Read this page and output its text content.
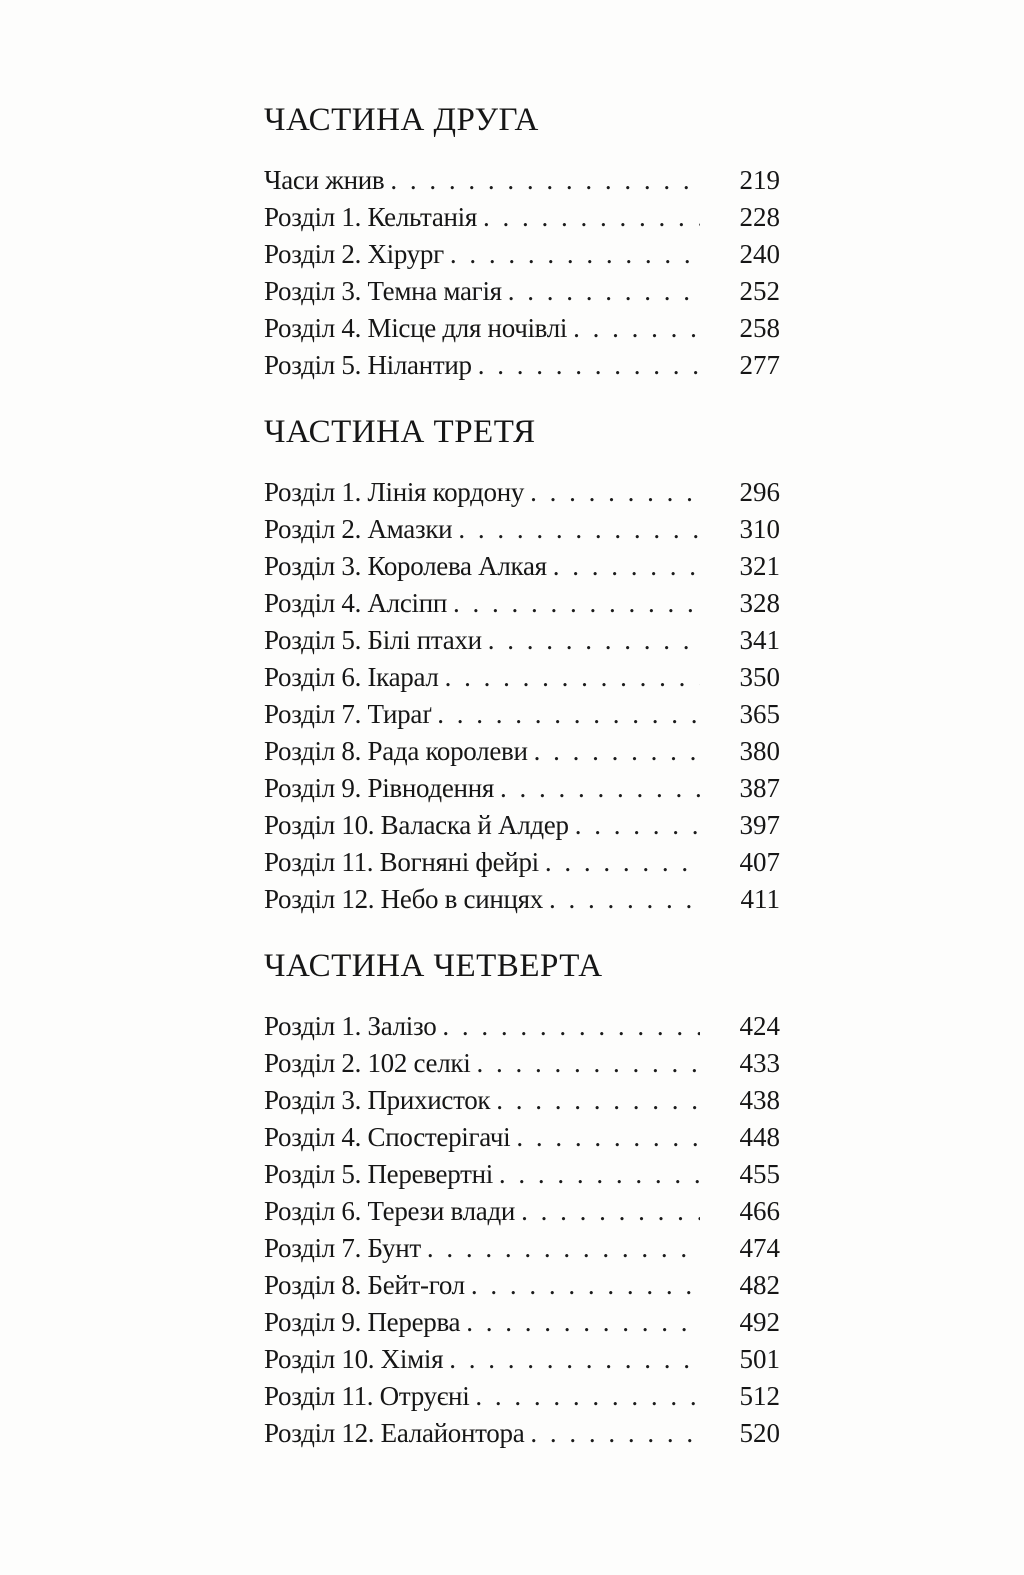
ЧАСТИНА ДРУГА
Часи жнив . . .	219
Розділ 1. Кельтанія . . .	228
Розділ 2. Хірург . . .	240
Розділ 3. Темна магія . . .	252
Розділ 4. Місце для ночівлі . . .	258
Розділ 5. Нілантир . . .	277
ЧАСТИНА ТРЕТЯ
Розділ 1. Лінія кордону . . .	296
Розділ 2. Амазки . . .	310
Розділ 3. Королева Алкая . . .	321
Розділ 4. Алсіпп . . .	328
Розділ 5. Білі птахи . . .	341
Розділ 6. Ікарал . . .	350
Розділ 7. Тираґ . . .	365
Розділ 8. Рада королеви . . .	380
Розділ 9. Рівнодення . . .	387
Розділ 10. Валаска й Алдер . . .	397
Розділ 11. Вогняні фейрі . . .	407
Розділ 12. Небо в синцях . . .	411
ЧАСТИНА ЧЕТВЕРТА
Розділ 1. Залізо . . .	424
Розділ 2. 102 селкі . . .	433
Розділ 3. Прихисток . . .	438
Розділ 4. Спостерігачі . . .	448
Розділ 5. Перевертні . . .	455
Розділ 6. Терези влади . . .	466
Розділ 7. Бунт . . .	474
Розділ 8. Бейт-гол . . .	482
Розділ 9. Перерва . . .	492
Розділ 10. Хімія . . .	501
Розділ 11. Отруєні . . .	512
Розділ 12. Еалайонтора . . .	520
